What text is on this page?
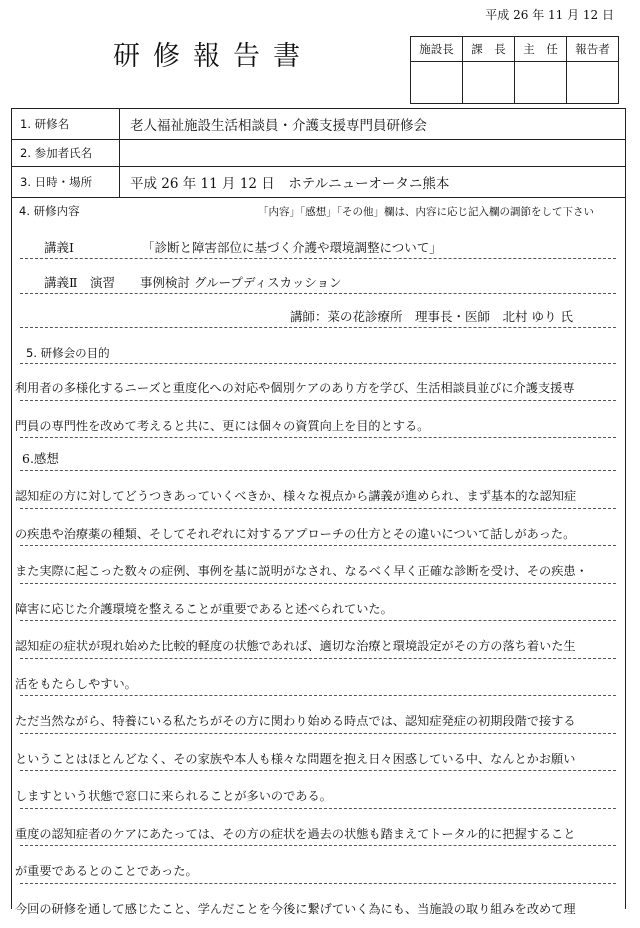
平成 26 年 11 月 12 日
研修報告書	施設長	課　長	主　任	報告者

1. 研修名	老人福祉施設生活相談員・介護支援専門員研修会
2. 参加者氏名
3. 日時・場所	平成 26 年 11 月 12 日　ホテルニューオータニ熊本
4. 研修内容	「内容」「感想」「その他」欄は、内容に応じ記入欄の調節をして下さい
講義Ⅰ	「診断と障害部位に基づく介護や環境調整について」
講義Ⅱ　演習　　事例検討 グループディスカッション
講師：菜の花診療所　理事長・医師　北村 ゆり 氏
5. 研修会の目的

利用者の多様化するニーズと重度化への対応や個別ケアのあり方を学び、生活相談員並びに介護支援専

門員の専門性を改めて考えると共に、更には個々の資質向上を目的とする。

6.感想

認知症の方に対してどうつきあっていくべきか、様々な視点から講義が進められ、まず基本的な認知症

の疾患や治療薬の種類、そしてそれぞれに対するアプローチの仕方とその違いについて話しがあった。

また実際に起こった数々の症例、事例を基に説明がなされ、なるべく早く正確な診断を受け、その疾患・

障害に応じた介護環境を整えることが重要であると述べられていた。

認知症の症状が現れ始めた比較的軽度の状態であれば、適切な治療と環境設定がその方の落ち着いた生

活をもたらしやすい。

ただ当然ながら、特養にいる私たちがその方に関わり始める時点では、認知症発症の初期段階で接する

ということはほとんどなく、その家族や本人も様々な問題を抱え日々困惑している中、なんとかお願い

しますという状態で窓口に来られることが多いのである。

重度の認知症者のケアにあたっては、その方の症状を過去の状態も踏まえてトータル的に把握すること

が重要であるとのことであった。

今回の研修を通して感じたこと、学んだことを今後に繋げていく為にも、当施設の取り組みを改めて理
